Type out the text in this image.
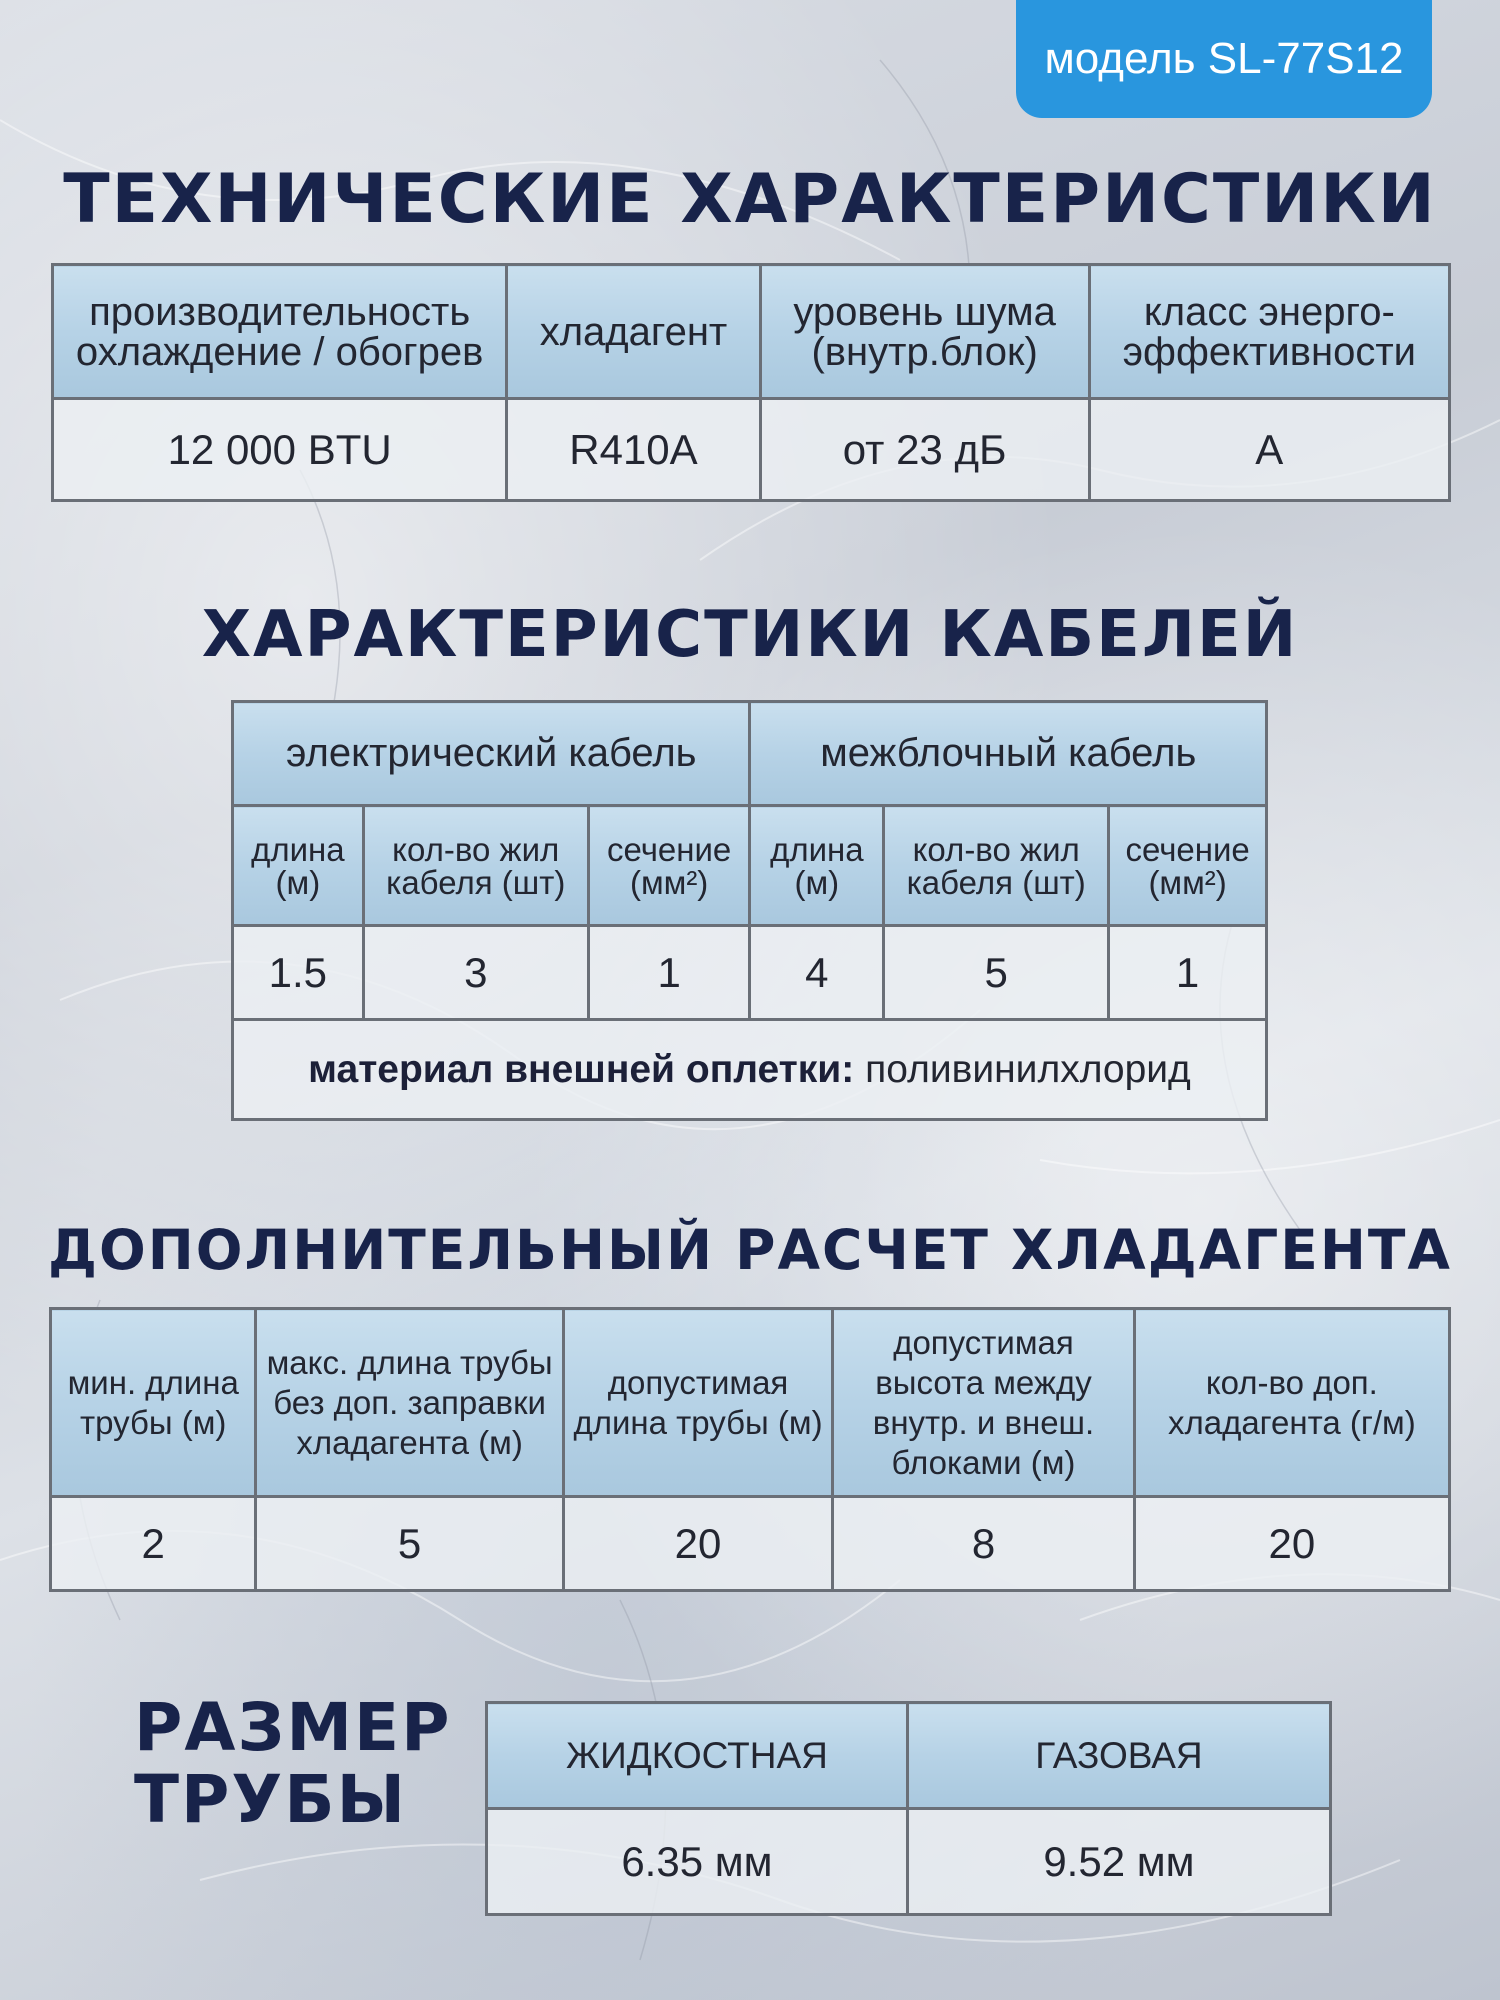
модель SL-77S12
ТЕХНИЧЕСКИЕ ХАРАКТЕРИСТИКИ
производительность охлаждение / обогрев	хладагент	уровень шума (внутр.блок)	класс энерго-эффективности
12 000 BTU	R410A	от 23 дБ	A
ХАРАКТЕРИСТИКИ КАБЕЛЕЙ
электрический кабель			межблочный кабель		
длина (м)	кол-во жил кабеля (шт)	сечение (мм²)	длина (м)	кол-во жил кабеля (шт)	сечение (мм²)
1.5	3	1	4	5	1
материал внешней оплетки: поливинилхлорид					
ДОПОЛНИТЕЛЬНЫЙ РАСЧЕТ ХЛАДАГЕНТА
мин. длина трубы (м)	макс. длина трубы без доп. заправки хладагента (м)	допустимая длина трубы (м)	допустимая высота между внутр. и внеш. блоками (м)	кол-во доп. хладагента (г/м)
2	5	20	8	20
РАЗМЕР
ТРУБЫ
ЖИДКОСТНАЯ	ГАЗОВАЯ
6.35 мм	9.52 мм
